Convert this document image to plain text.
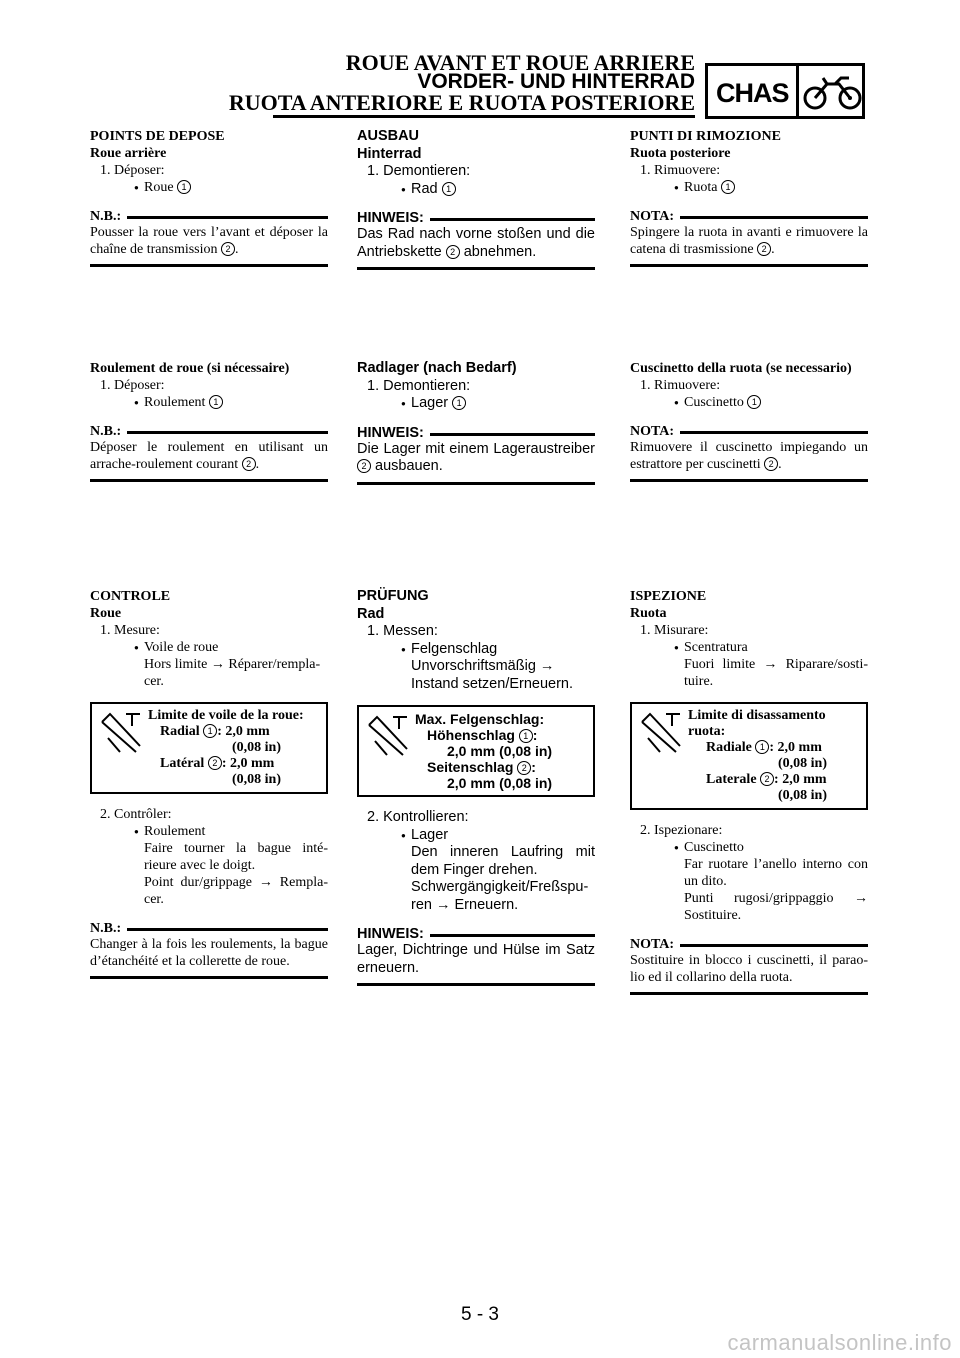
ROUE AVANT ET ROUE ARRIERE
VORDER- UND HINTERRAD
RUOTA ANTERIORE E RUOTA POSTERIORE CHAS

POINTS DE DEPOSE

Roue arrière

1. Déposer:

● Roue 1

N.B.:

Pousser la roue vers l’avant et déposer la chaîne de transmission 2 .

Roulement de roue (si nécessaire)

1. Déposer:

● Roulement 1

N.B.:

Déposer le roulement en utilisant un arrache-roulement courant 2 .

CONTROLE

Roue

1. Mesure:

● Voile de roue

Hors limite → Réparer/rempla-cer.

Limite de voile de la roue:
Radial 1 : 2,0 mm
(0,08 in)
Latéral 2 : 2,0 mm
(0,08 in)

2. Contrôler:

● Roulement

Faire tourner la bague inté-rieure avec le doigt.

Point dur/grippage → Rempla-cer.

N.B.:

Changer à la fois les roulements, la bague d’étanchéité et la collerette de roue.

AUSBAU

Hinterrad

1. Demontieren:

● Rad 1

HINWEIS:

Das Rad nach vorne stoßen und die Antriebskette 2 abnehmen.

Radlager (nach Bedarf)

1. Demontieren:

● Lager 1

HINWEIS:

Die Lager mit einem Lageraustreiber 2 ausbauen.

PRÜFUNG

Rad

1. Messen:

● Felgenschlag

Unvorschriftsmäßig → Instand setzen/Erneuern.

Max. Felgenschlag:
Höhenschlag 1 :
2,0 mm (0,08 in)
Seitenschlag 2 :
2,0 mm (0,08 in)

2. Kontrollieren:

● Lager

Den inneren Laufring mit dem Finger drehen.

Schwergängigkeit/Freßspu-ren → Erneuern.

HINWEIS:

Lager, Dichtringe und Hülse im Satz erneuern.

PUNTI DI RIMOZIONE

Ruota posteriore

1. Rimuovere:

● Ruota 1

NOTA:

Spingere la ruota in avanti e rimuovere la catena di trasmissione 2 .

Cuscinetto della ruota (se necessario)

1. Rimuovere:

● Cuscinetto 1

NOTA:

Rimuovere il cuscinetto impiegando un estrattore per cuscinetti 2 .

ISPEZIONE

Ruota

1. Misurare:

● Scentratura

Fuori limite → Riparare/sosti-tuire.

Limite di disassamento ruota:
Radiale 1 : 2,0 mm
(0,08 in)
Laterale 2 : 2,0 mm
(0,08 in)

2. Ispezionare:

● Cuscinetto

Far ruotare l’anello interno con un dito.

Punti rugosi/grippaggio → Sostituire.

NOTA:

Sostituire in blocco i cuscinetti, il parao-lio ed il collarino della ruota.

5 - 3
carmanualsonline.info
